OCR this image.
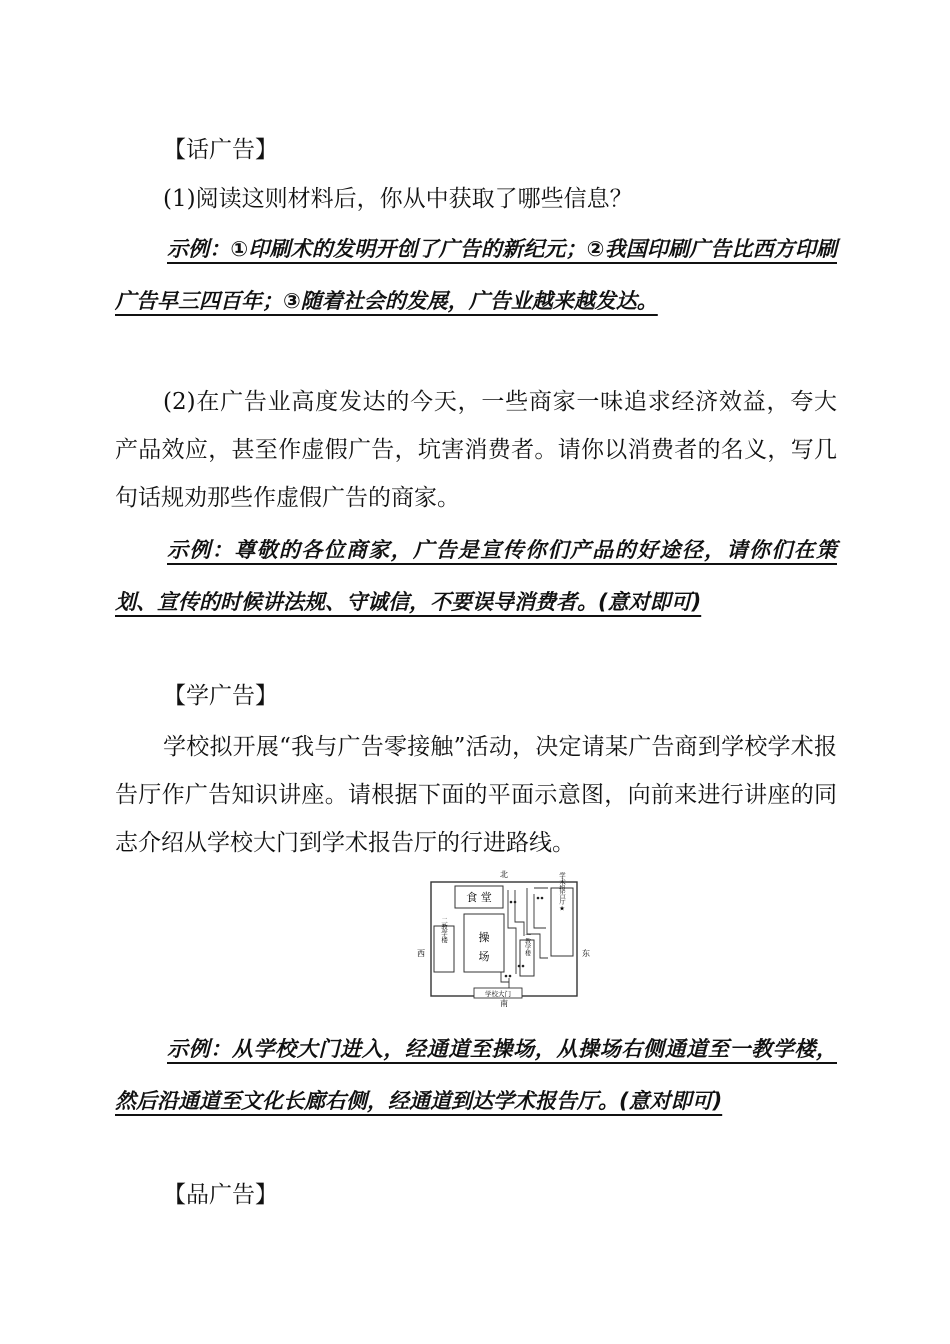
【话广告】

(1)阅读这则材料后，你从中获取了哪些信息？

示例：①印刷术的发明开创了广告的新纪元；②我国印刷广告比西方印刷广告早三四百年；③随着社会的发展，广告业越来越发达。

(2)在广告业高度发达的今天，一些商家一味追求经济效益，夸大产品效应，甚至作虚假广告，坑害消费者。请你以消费者的名义，写几句话规劝那些作虚假广告的商家。

示例：尊敬的各位商家，广告是宣传你们产品的好途径，请你们在策划、宣传的时候讲法规、守诚信，不要误导消费者。(意对即可)

【学广告】

学校拟开展“我与广告零接触”活动，决定请某广告商到学校学术报告厅作广告知识讲座。请根据下面的平面示意图，向前来进行讲座的同志介绍从学校大门到学术报告厅的行进路线。

北
南
西	东
食 堂
操
场
二教学楼
一教学楼
学术报告厅★
学校大门

示例：从学校大门进入，经通道至操场，从操场右侧通道至一教学楼，然后沿通道至文化长廊右侧，经通道到达学术报告厅。(意对即可)

【品广告】
